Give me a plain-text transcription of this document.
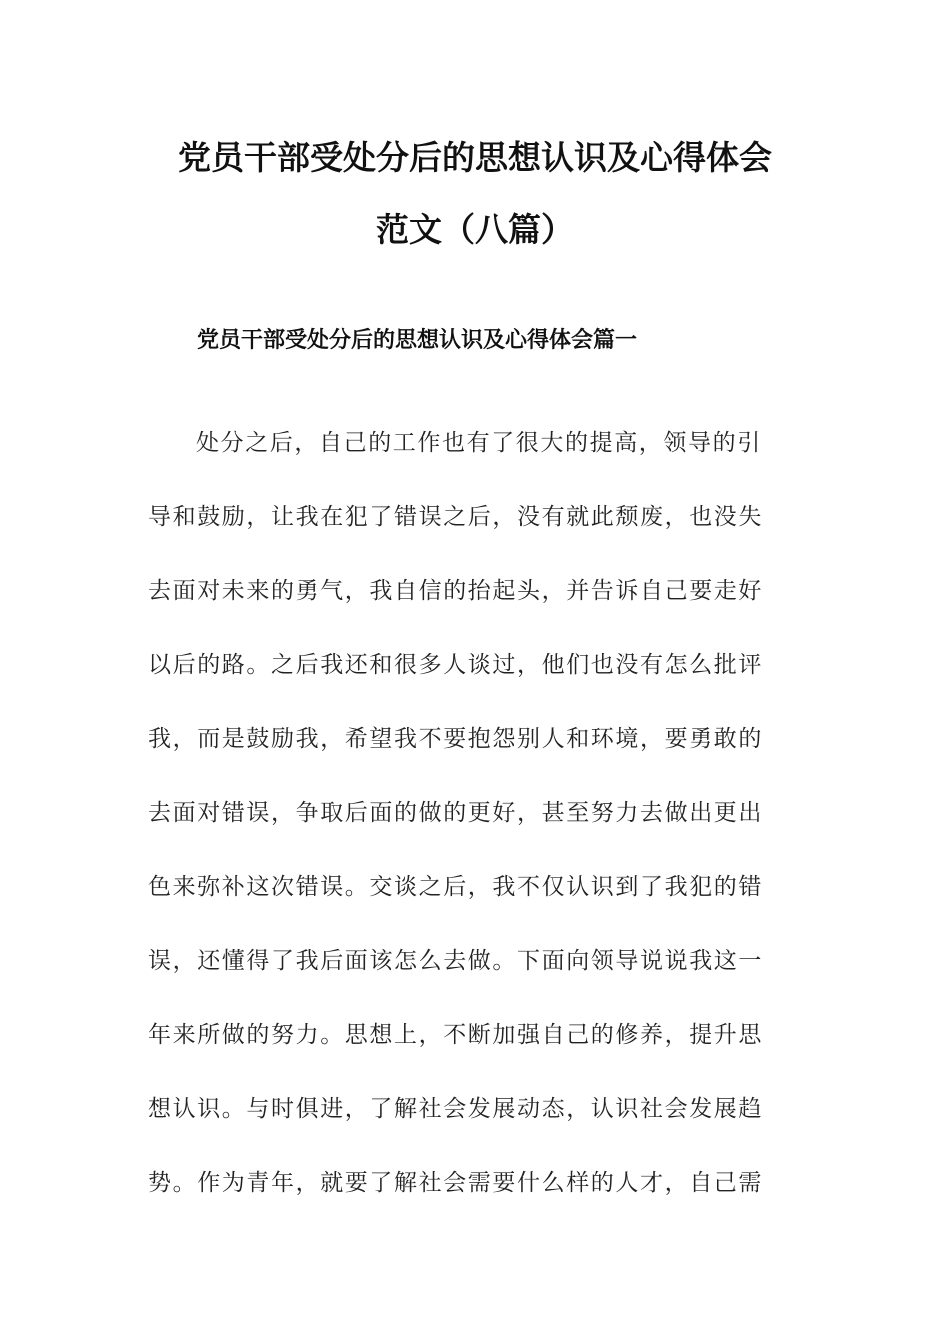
党员干部受处分后的思想认识及心得体会
范文（八篇）
党员干部受处分后的思想认识及心得体会篇一

处分之后，自己的工作也有了很大的提高，领导的引

导和鼓励，让我在犯了错误之后，没有就此颓废，也没失

去面对未来的勇气，我自信的抬起头，并告诉自己要走好

以后的路。之后我还和很多人谈过，他们也没有怎么批评

我，而是鼓励我，希望我不要抱怨别人和环境，要勇敢的

去面对错误，争取后面的做的更好，甚至努力去做出更出

色来弥补这次错误。交谈之后，我不仅认识到了我犯的错

误，还懂得了我后面该怎么去做。下面向领导说说我这一

年来所做的努力。思想上，不断加强自己的修养，提升思

想认识。与时俱进，了解社会发展动态，认识社会发展趋

势。作为青年，就要了解社会需要什么样的人才，自己需
